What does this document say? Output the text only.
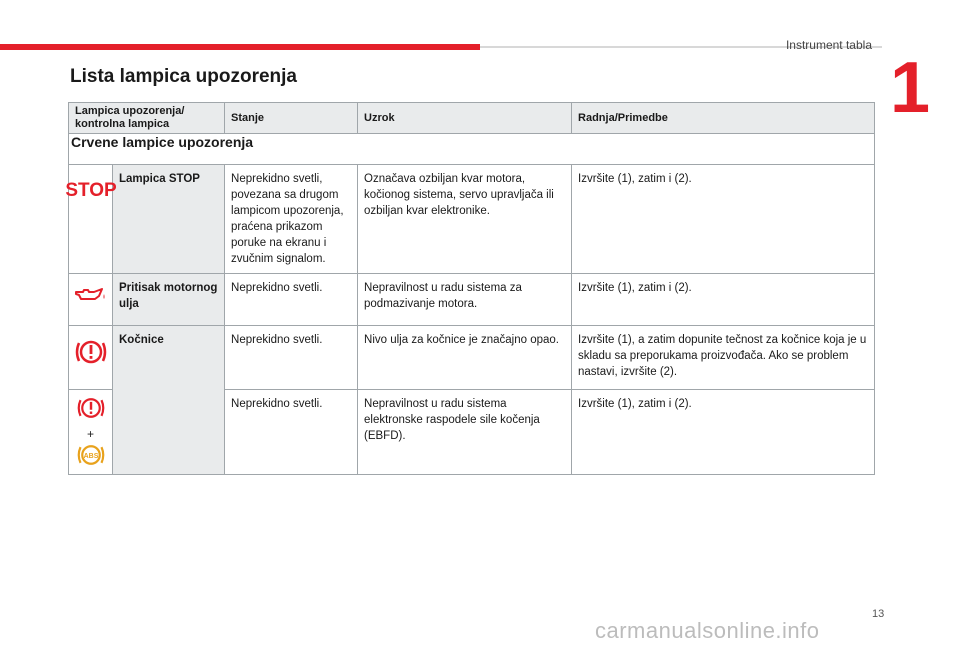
Instrument tabla
1
Lista lampica upozorenja
Lampica upozorenja/ kontrolna lampica		Stanje	Uzrok	Radnja/Primedbe
Crvene lampice upozorenja				

STOP	Lampica STOP	Neprekidno svetli, povezana sa drugom lampicom upozorenja, praćena prikazom poruke na ekranu i zvučnim signalom.	Označava ozbiljan kvar motora, kočionog sistema, servo upravljača ili ozbiljan kvar elektronike.	Izvršite (1), zatim i (2).

	Pritisak motornog ulja	Neprekidno svetli.	Nepravilnost u radu sistema za podmazivanje motora.	Izvršite (1), zatim i (2).

	Kočnice	Neprekidno svetli.	Nivo ulja za kočnice je značajno opao.	Izvršite (1), a zatim dopunite tečnost za kočnice koja je u skladu sa preporukama proizvođača. Ako se problem nastavi, izvršite (2).

+
ABS		Neprekidno svetli.	Nepravilnost u radu sistema elektronske raspodele sile kočenja (EBFD).	Izvršite (1), zatim i (2).
13
carmanualsonline.info
